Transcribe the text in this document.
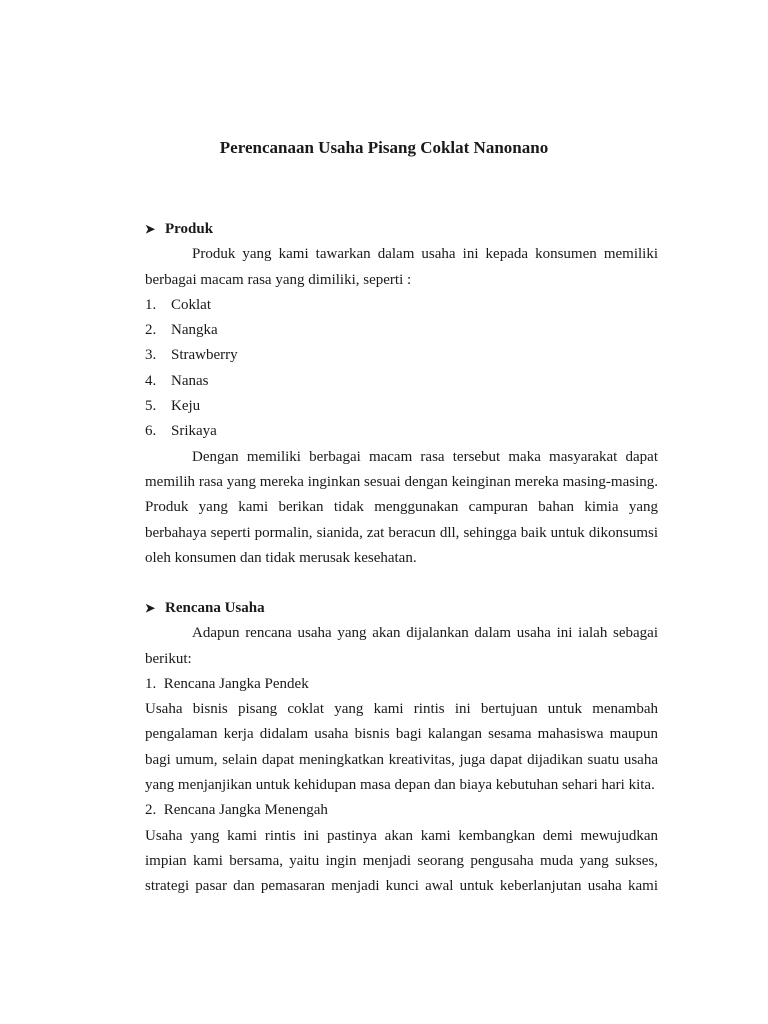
Perencanaan Usaha Pisang Coklat Nanonano
➤ Produk

Produk yang kami tawarkan dalam usaha ini kepada konsumen memiliki berbagai macam rasa yang dimiliki, seperti :

1. Coklat
2. Nangka
3. Strawberry
4. Nanas
5. Keju
6. Srikaya

Dengan memiliki berbagai macam rasa tersebut maka masyarakat dapat memilih rasa yang mereka inginkan sesuai dengan keinginan mereka masing-masing. Produk yang kami berikan tidak menggunakan campuran bahan kimia yang berbahaya seperti pormalin, sianida, zat beracun dll, sehingga baik untuk dikonsumsi oleh konsumen dan tidak merusak kesehatan.

➤ Rencana Usaha

Adapun rencana usaha yang akan dijalankan dalam usaha ini ialah sebagai berikut:

1.  Rencana Jangka Pendek

Usaha bisnis pisang coklat yang kami rintis ini bertujuan untuk menambah pengalaman kerja didalam usaha bisnis bagi kalangan sesama mahasiswa maupun bagi umum, selain dapat meningkatkan kreativitas, juga dapat dijadikan suatu usaha yang menjanjikan untuk kehidupan masa depan dan biaya kebutuhan sehari hari kita.

2.  Rencana Jangka Menengah

Usaha yang kami rintis ini pastinya akan kami kembangkan demi mewujudkan impian kami bersama, yaitu ingin menjadi seorang pengusaha muda yang sukses, strategi pasar dan pemasaran menjadi kunci awal untuk keberlanjutan usaha kami
